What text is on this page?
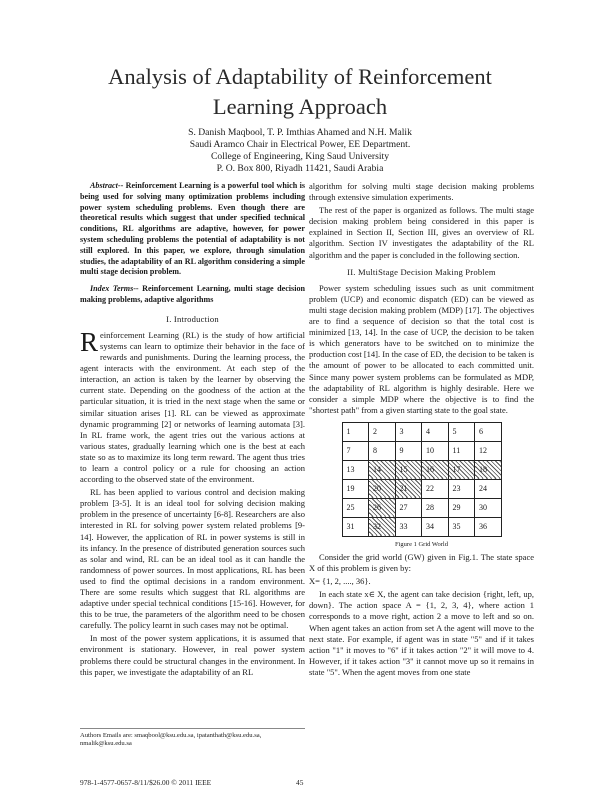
Analysis of Adaptability of Reinforcement
Learning Approach
S. Danish Maqbool, T. P. Imthias Ahamed and N.H. Malik
Saudi Aramco Chair in Electrical Power, EE Department.
College of Engineering, King Saud University
P. O. Box 800, Riyadh 11421, Saudi Arabia

Abstract-- Reinforcement Learning is a powerful tool which is being used for solving many optimization problems including power system scheduling problems. Even though there are theoretical results which suggest that under specified technical conditions, RL algorithms are adaptive, however, for power system scheduling problems the potential of adaptability is not still explored. In this paper, we explore, through simulation studies, the adaptability of an RL algorithm considering a simple multi stage decision problem.

Index Terms-- Reinforcement Learning, multi stage decision making problems, adaptive algorithms

I. Introduction

Reinforcement Learning (RL) is the study of how artificial systems can learn to optimize their behavior in the face of rewards and punishments. During the learning process, the agent interacts with the environment. At each step of the interaction, an action is taken by the learner by observing the current state. Depending on the goodness of the action at the particular situation, it is tried in the next stage when the same or similar situation arises [1]. RL can be viewed as approximate dynamic programming [2] or networks of learning automata [3]. In RL frame work, the agent tries out the various actions at various states, gradually learning which one is the best at each state so as to maximize its long term reward. The agent thus tries to learn a control policy or a rule for choosing an action according to the observed state of the environment.

RL has been applied to various control and decision making problem [3-5]. It is an ideal tool for solving decision making problem in the presence of uncertainty [6-8]. Researchers are also interested in RL for solving power system related problems [9-14]. However, the application of RL in power systems is still in its infancy. In the presence of distributed generation sources such as solar and wind, RL can be an ideal tool as it can handle the randomness of power sources. In most applications, RL has been used to find the optimal decisions in a random environment. There are some results which suggest that RL algorithms are adaptive under special technical conditions [15-16]. However, for this to be true, the parameters of the algorithm need to be chosen carefully. The policy learnt in such cases may not be optimal.

In most of the power system applications, it is assumed that environment is stationary. However, in real power system problems there could be structural changes in the environment. In this paper, we investigate the adaptability of an RL

algorithm for solving multi stage decision making problems through extensive simulation experiments.

The rest of the paper is organized as follows. The multi stage decision making problem being considered in this paper is explained in Section II, Section III, gives an overview of RL algorithm. Section IV investigates the adaptability of the RL algorithm and the paper is concluded in the following section.

II. MultiStage Decision Making Problem

Power system scheduling issues such as unit commitment problem (UCP) and economic dispatch (ED) can be viewed as multi stage decision making problem (MDP) [17]. The objectives are to find a sequence of decision so that the total cost is minimized [13, 14]. In the case of UCP, the decision to be taken is which generators have to be switched on to minimize the production cost [14]. In the case of ED, the decision to be taken is the amount of power to be allocated to each committed unit. Since many power system problems can be formulated as MDP, the adaptability of RL algorithm is highly desirable. Here we consider a simple MDP where the objective is to find the "shortest path" from a given starting state to the goal state.

1	2	3	4	5	6
7	8	9	10	11	12
13	14	15	16	17	18
19	20	21	22	23	24
25	26	27	28	29	30
31	32	33	34	35	36

Figure 1 Grid World

Consider the grid world (GW) given in Fig.1. The state space X of this problem is given by:

X= {1, 2, ...., 36}.

In each state x∈ X, the agent can take decision {right, left, up, down}. The action space A = {1, 2, 3, 4}, where action 1 corresponds to a move right, action 2 a move to left and so on. When agent takes an action from set A the agent will move to the next state. For example, if agent was in state "5" and if it takes action "1" it moves to "6" if it takes action "2" it will move to 4. However, if it takes action "3" it cannot move up so it remains in state "5". When the agent moves from one state

Authors Emails are: smaqbool@ksu.edu.sa, ipatanthath@ksu.edu.sa, nmalik@ksu.edu.sa
978-1-4577-0657-8/11/$26.00 © 2011 IEEE	45
